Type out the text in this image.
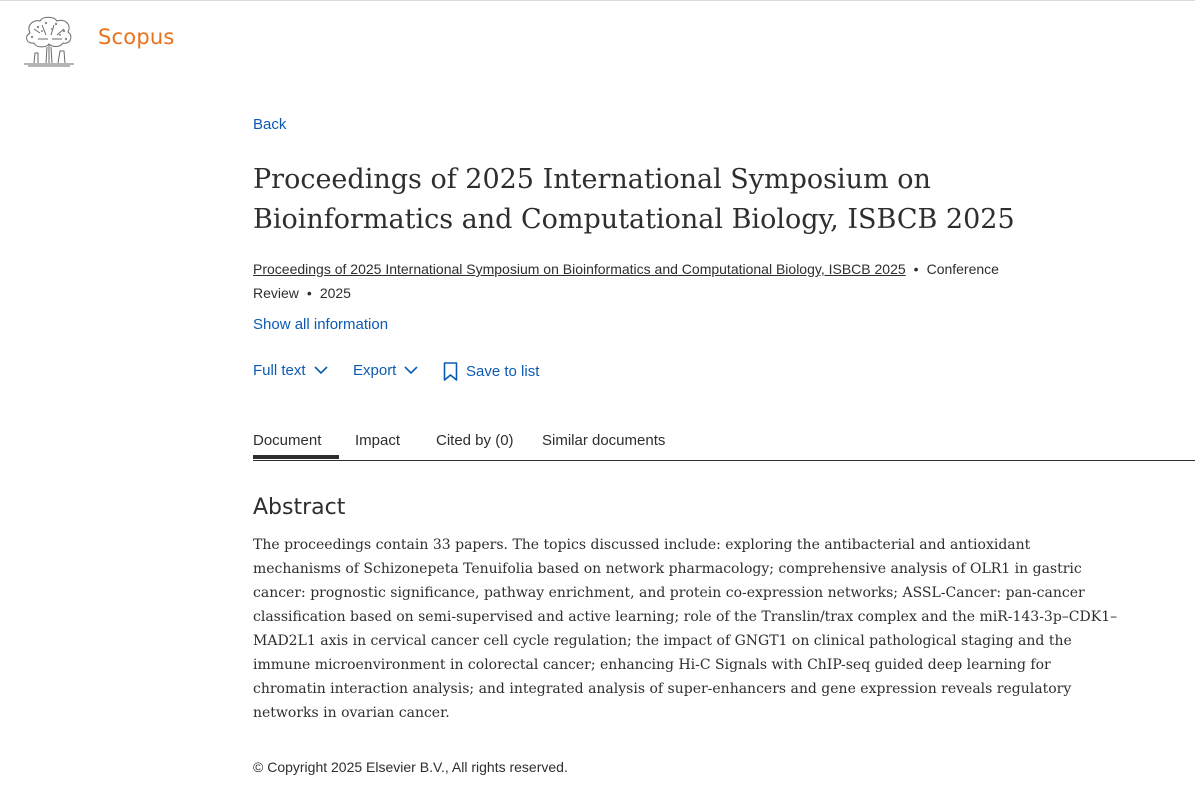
Scopus
Back
Proceedings of 2025 International Symposium on Bioinformatics and Computational Biology, ISBCB 2025
Proceedings of 2025 International Symposium on Bioinformatics and Computational Biology, ISBCB 2025 • Conference Review • 2025
Show all information
Full text	Export	Save to list
Document Impact Cited by (0) Similar documents
Abstract

The proceedings contain 33 papers. The topics discussed include: exploring the antibacterial and antioxidant mechanisms of Schizonepeta Tenuifolia based on network pharmacology; comprehensive analysis of OLR1 in gastric cancer: prognostic significance, pathway enrichment, and protein co-expression networks; ASSL-Cancer: pan-cancer classification based on semi-supervised and active learning; role of the Translin/trax complex and the miR-143-3p–CDK1–MAD2L1 axis in cervical cancer cell cycle regulation; the impact of GNGT1 on clinical pathological staging and the immune microenvironment in colorectal cancer; enhancing Hi-C Signals with ChIP-seq guided deep learning for chromatin interaction analysis; and integrated analysis of super-enhancers and gene expression reveals regulatory networks in ovarian cancer.

© Copyright 2025 Elsevier B.V., All rights reserved.
